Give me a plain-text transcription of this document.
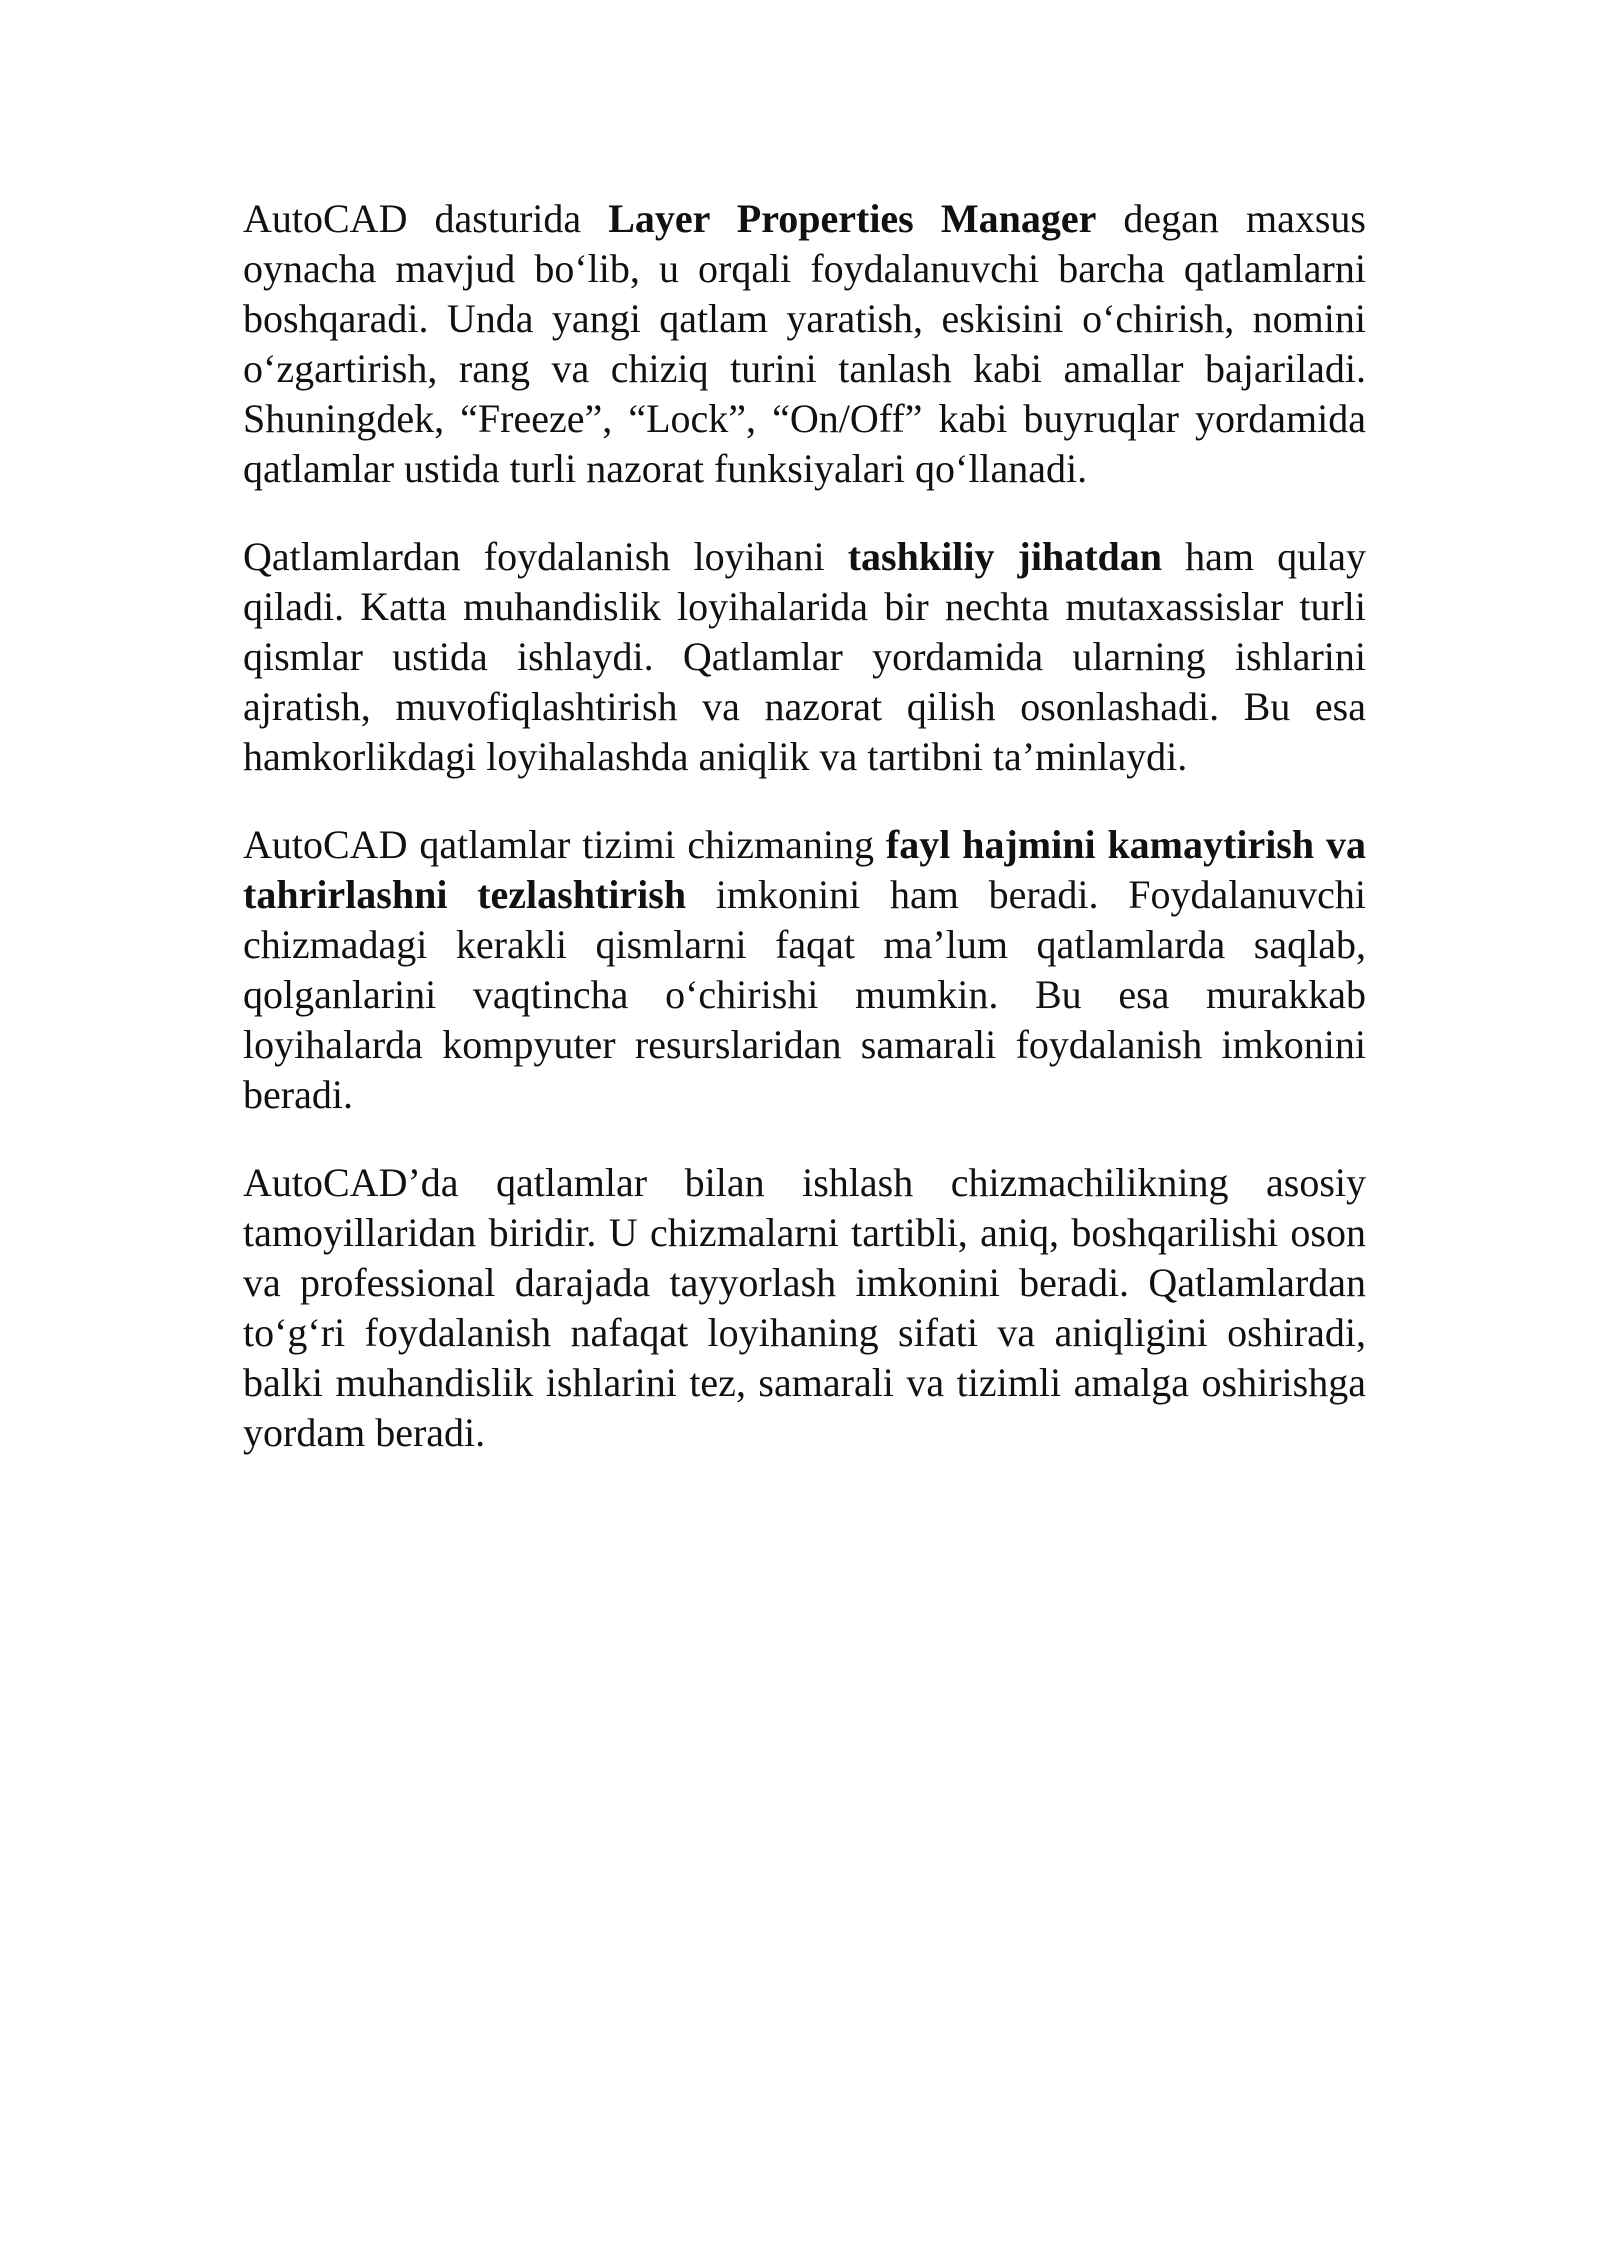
AutoCAD dasturida Layer Properties Manager degan maxsus oynacha mavjud bo‘lib, u orqali foydalanuvchi barcha qatlamlarni boshqaradi. Unda yangi qatlam yaratish, eskisini o‘chirish, nomini o‘zgartirish, rang va chiziq turini tanlash kabi amallar bajariladi. Shuningdek, “Freeze”, “Lock”, “On/Off” kabi buyruqlar yordamida qatlamlar ustida turli nazorat funksiyalari qo‘llanadi.

Qatlamlardan foydalanish loyihani tashkiliy jihatdan ham qulay qiladi. Katta muhandislik loyihalarida bir nechta mutaxassislar turli qismlar ustida ishlaydi. Qatlamlar yordamida ularning ishlarini ajratish, muvofiqlashtirish va nazorat qilish osonlashadi. Bu esa hamkorlikdagi loyihalashda aniqlik va tartibni ta’minlaydi.

AutoCAD qatlamlar tizimi chizmaning fayl hajmini kamaytirish va tahrirlashni tezlashtirish imkonini ham beradi. Foydalanuvchi chizmadagi kerakli qismlarni faqat ma’lum qatlamlarda saqlab, qolganlarini vaqtincha o‘chirishi mumkin. Bu esa murakkab loyihalarda kompyuter resurslaridan samarali foydalanish imkonini beradi.

AutoCAD’da qatlamlar bilan ishlash chizmachilikning asosiy tamoyillaridan biridir. U chizmalarni tartibli, aniq, boshqarilishi oson va professional darajada tayyorlash imkonini beradi. Qatlamlardan to‘g‘ri foydalanish nafaqat loyihaning sifati va aniqligini oshiradi, balki muhandislik ishlarini tez, samarali va tizimli amalga oshirishga yordam beradi.
